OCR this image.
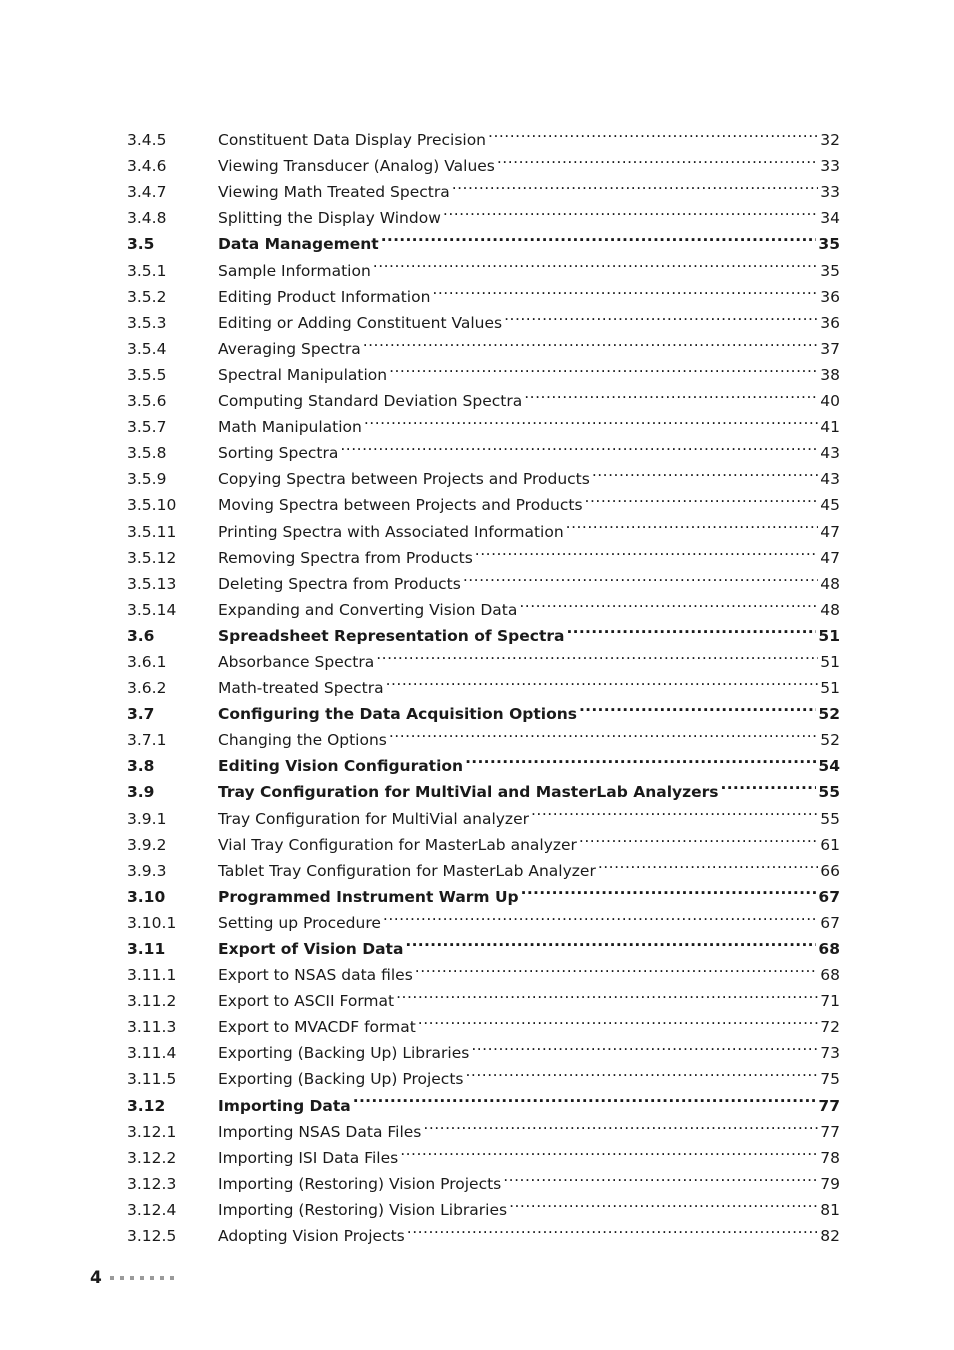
3.4.5	Constituent Data Display Precision .....	32
3.4.6	Viewing Transducer (Analog) Values .....	33
3.4.7	Viewing Math Treated Spectra .....	33
3.4.8	Splitting the Display Window .....	34
3.5	Data Management .....	35
3.5.1	Sample Information .....	35
3.5.2	Editing Product Information .....	36
3.5.3	Editing or Adding Constituent Values .....	36
3.5.4	Averaging Spectra .....	37
3.5.5	Spectral Manipulation .....	38
3.5.6	Computing Standard Deviation Spectra .....	40
3.5.7	Math Manipulation .....	41
3.5.8	Sorting Spectra .....	43
3.5.9	Copying Spectra between Projects and Products .....	43
3.5.10	Moving Spectra between Projects and Products .....	45
3.5.11	Printing Spectra with Associated Information .....	47
3.5.12	Removing Spectra from Products .....	47
3.5.13	Deleting Spectra from Products .....	48
3.5.14	Expanding and Converting Vision Data .....	48
3.6	Spreadsheet Representation of Spectra .....	51
3.6.1	Absorbance Spectra .....	51
3.6.2	Math-treated Spectra .....	51
3.7	Configuring the Data Acquisition Options .....	52
3.7.1	Changing the Options .....	52
3.8	Editing Vision Configuration .....	54
3.9	Tray Configuration for MultiVial and MasterLab Analyzers .....	55
3.9.1	Tray Configuration for MultiVial analyzer .....	55
3.9.2	Vial Tray Configuration for MasterLab analyzer .....	61
3.9.3	Tablet Tray Configuration for MasterLab Analyzer .....	66
3.10	Programmed Instrument Warm Up .....	67
3.10.1	Setting up Procedure .....	67
3.11	Export of Vision Data .....	68
3.11.1	Export to NSAS data files .....	68
3.11.2	Export to ASCII Format .....	71
3.11.3	Export to MVACDF format .....	72
3.11.4	Exporting (Backing Up) Libraries .....	73
3.11.5	Exporting (Backing Up) Projects .....	75
3.12	Importing Data .....	77
3.12.1	Importing NSAS Data Files .....	77
3.12.2	Importing ISI Data Files .....	78
3.12.3	Importing (Restoring) Vision Projects .....	79
3.12.4	Importing (Restoring) Vision Libraries .....	81
3.12.5	Adopting Vision Projects .....	82
4
